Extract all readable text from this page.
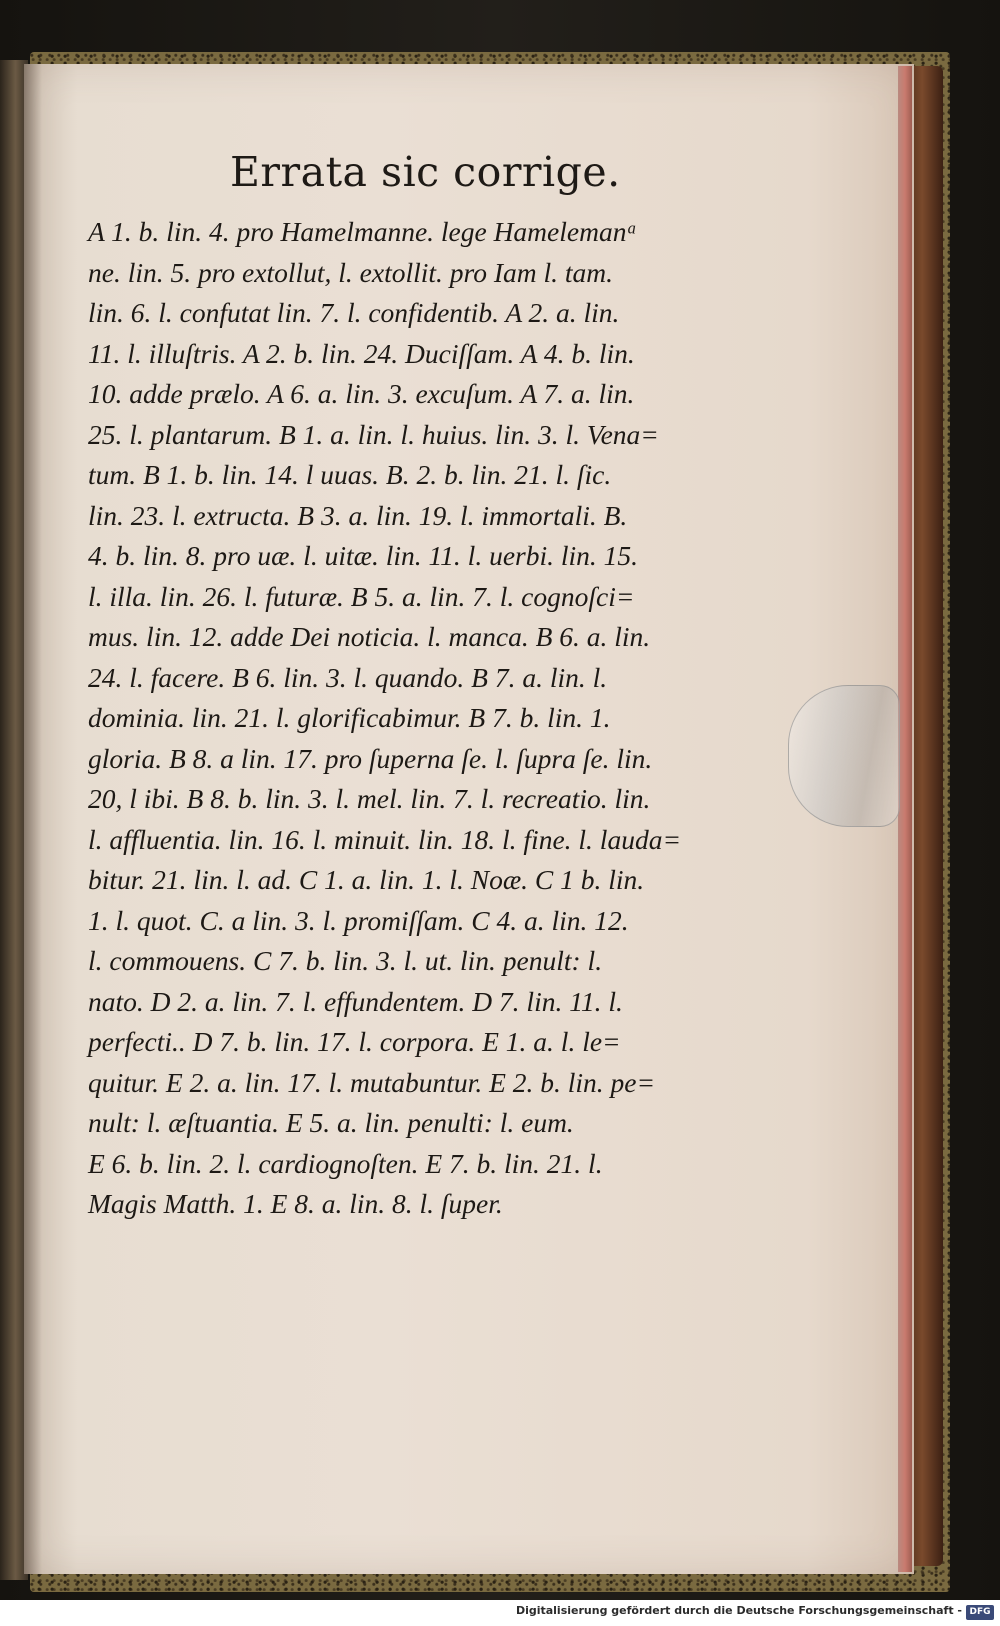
Errata sic corrige.
A 1. b. lin. 4. pro Hamelmanne. lege Hamelemanᵃ
ne. lin. 5. pro extollut, l. extollit. pro Iam l. tam.
lin. 6. l. confutat lin. 7. l. confidentib. A 2. a. lin.
11. l. illuſtris. A 2. b. lin. 24. Duciſſam. A 4. b. lin.
10. adde prælo. A 6. a. lin. 3. excuſum. A 7. a. lin.
25. l. plantarum. B 1. a. lin. l. huius. lin. 3. l. Vena=
tum. B 1. b. lin. 14. l uuas. B. 2. b. lin. 21. l. ſic.
lin. 23. l. extructa. B 3. a. lin. 19. l. immortali. B.
4. b. lin. 8. pro uæ. l. uitæ. lin. 11. l. uerbi. lin. 15.
l. illa. lin. 26. l. futuræ. B 5. a. lin. 7. l. cognoſci=
mus. lin. 12. adde Dei noticia. l. manca. B 6. a. lin.
24. l. facere. B 6. lin. 3. l. quando. B 7. a. lin. l.
dominia. lin. 21. l. glorificabimur. B 7. b. lin. 1.
gloria. B 8. a lin. 17. pro ſuperna ſe. l. ſupra ſe. lin.
20, l ibi. B 8. b. lin. 3. l. mel. lin. 7. l. recreatio. lin.
l. affluentia. lin. 16. l. minuit. lin. 18. l. fine. l. lauda=
bitur. 21. lin. l. ad. C 1. a. lin. 1. l. Noæ. C 1 b. lin.
1. l. quot. C. a lin. 3. l. promiſſam. C 4. a. lin. 12.
l. commouens. C 7. b. lin. 3. l. ut. lin. penult: l.
nato. D 2. a. lin. 7. l. effundentem. D 7. lin. 11. l.
perfecti.. D 7. b. lin. 17. l. corpora. E 1. a. l. le=
quitur. E 2. a. lin. 17. l. mutabuntur. E 2. b. lin. pe=
nult: l. æſtuantia. E 5. a. lin. penulti: l. eum.
E 6. b. lin. 2. l. cardiognoſten. E 7. b. lin. 21. l.
Magis Matth. 1. E 8. a. lin. 8. l. ſuper.
Digitalisierung gefördert durch die Deutsche Forschungsgemeinschaft - DFG
